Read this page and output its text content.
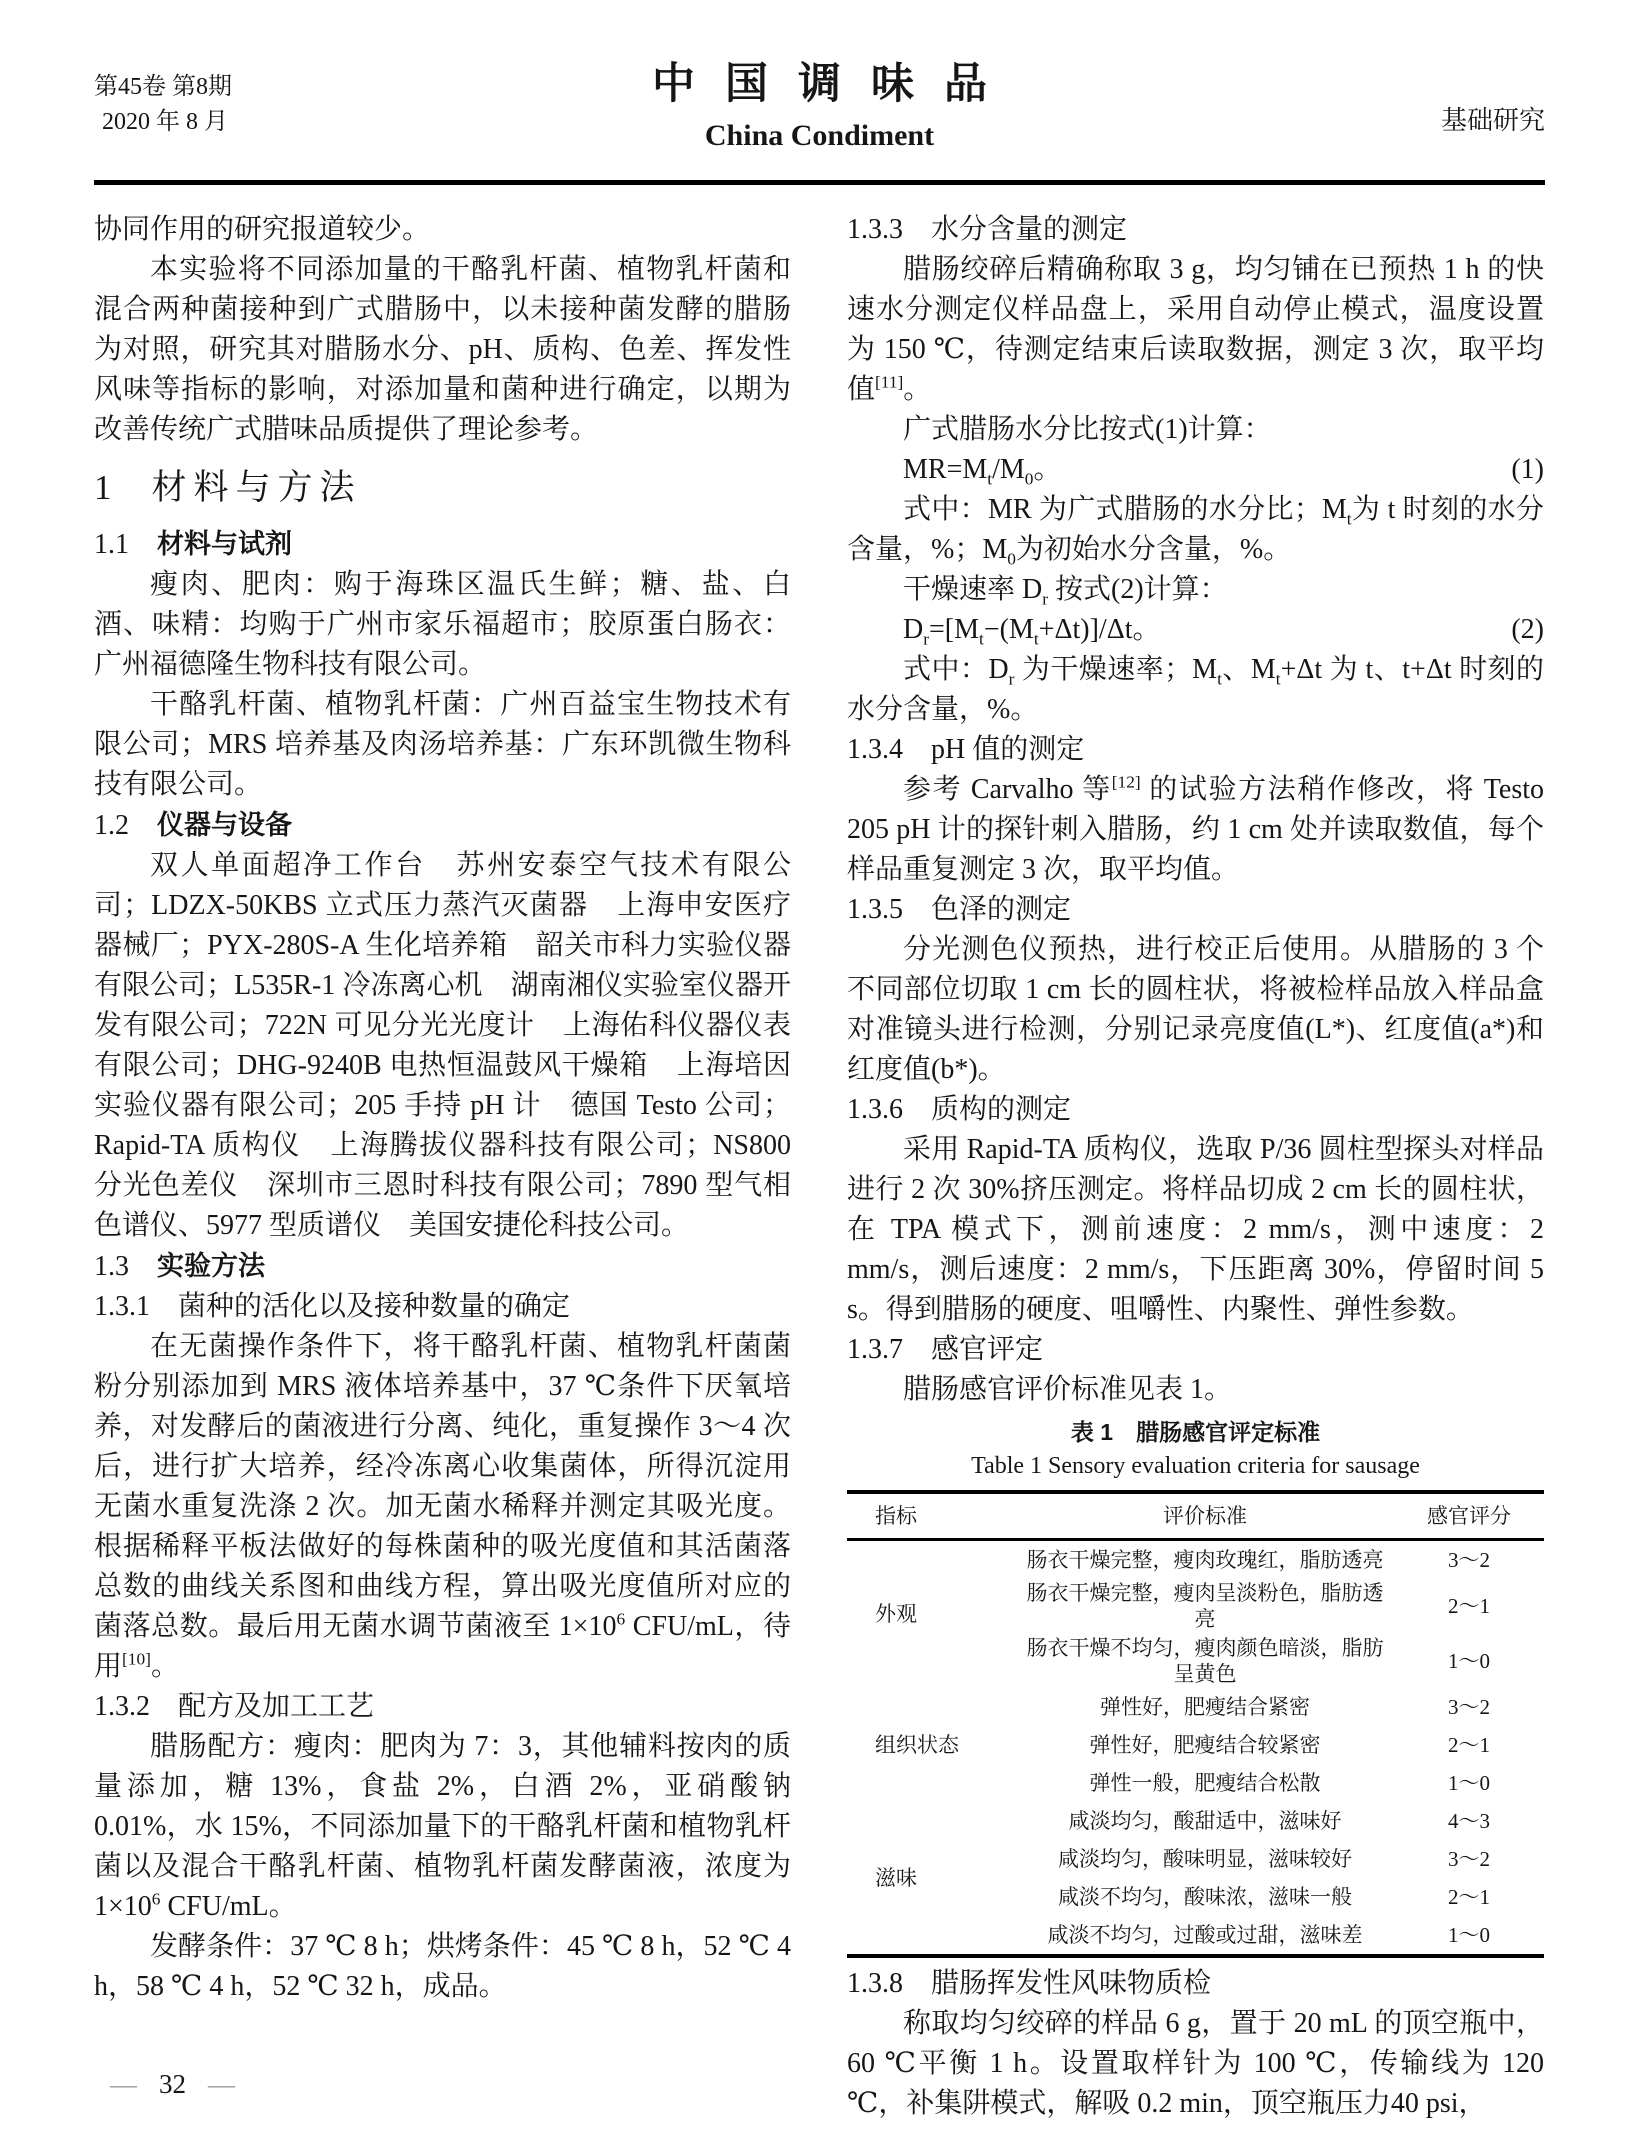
第45卷 第8期
2020 年 8 月
中国调味品
China Condiment	基础研究

协同作用的研究报道较少。

本实验将不同添加量的干酪乳杆菌、植物乳杆菌和混合两种菌接种到广式腊肠中，以未接种菌发酵的腊肠为对照，研究其对腊肠水分、pH、质构、色差、挥发性风味等指标的影响，对添加量和菌种进行确定，以期为改善传统广式腊味品质提供了理论参考。

1 材料与方法
1.1 材料与试剂

瘦肉、肥肉：购于海珠区温氏生鲜；糖、盐、白酒、味精：均购于广州市家乐福超市；胶原蛋白肠衣：广州福德隆生物科技有限公司。

干酪乳杆菌、植物乳杆菌：广州百益宝生物技术有限公司；MRS 培养基及肉汤培养基：广东环凯微生物科技有限公司。

1.2 仪器与设备

双人单面超净工作台　苏州安泰空气技术有限公司；LDZX-50KBS 立式压力蒸汽灭菌器　上海申安医疗器械厂；PYX-280S-A 生化培养箱　韶关市科力实验仪器有限公司；L535R-1 冷冻离心机　湖南湘仪实验室仪器开发有限公司；722N 可见分光光度计　上海佑科仪器仪表有限公司；DHG-9240B 电热恒温鼓风干燥箱　上海培因实验仪器有限公司；205 手持 pH 计　德国 Testo 公司；Rapid-TA 质构仪　上海腾拔仪器科技有限公司；NS800 分光色差仪　深圳市三恩时科技有限公司；7890 型气相色谱仪、5977 型质谱仪　美国安捷伦科技公司。

1.3 实验方法
1.3.1 菌种的活化以及接种数量的确定

在无菌操作条件下，将干酪乳杆菌、植物乳杆菌菌粉分别添加到 MRS 液体培养基中，37 ℃条件下厌氧培养，对发酵后的菌液进行分离、纯化，重复操作 3～4 次后，进行扩大培养，经冷冻离心收集菌体，所得沉淀用无菌水重复洗涤 2 次。加无菌水稀释并测定其吸光度。根据稀释平板法做好的每株菌种的吸光度值和其活菌落总数的曲线关系图和曲线方程，算出吸光度值所对应的菌落总数。最后用无菌水调节菌液至 $1\times 10^6$ CFU/mL，待用[10]。

1.3.2 配方及加工工艺

腊肠配方：瘦肉：肥肉为 7：3，其他辅料按肉的质量添加，糖 13%，食盐 2%，白酒 2%，亚硝酸钠 0.01%，水 15%，不同添加量下的干酪乳杆菌和植物乳杆菌以及混合干酪乳杆菌、植物乳杆菌发酵菌液，浓度为 $1\times 10^6$ CFU/mL。

发酵条件：37 ℃ 8 h；烘烤条件：45 ℃ 8 h，52 ℃ 4 h，58 ℃ 4 h，52 ℃ 32 h，成品。

1.3.3 水分含量的测定

腊肠绞碎后精确称取 3 g，均匀铺在已预热 1 h 的快速水分测定仪样品盘上，采用自动停止模式，温度设置为 150 ℃，待测定结束后读取数据，测定 3 次，取平均值[11]。

广式腊肠水分比按式(1)计算：

$MR=M_t/M_0$。	(1)

式中：MR 为广式腊肠的水分比；$M_t$为 t 时刻的水分含量，%；$M_0$为初始水分含量，%。

干燥速率 $D_r$ 按式(2)计算：

$D_r=[M_t-(M_t+\Delta t)]/\Delta t$。	(2)

式中：$D_r$ 为干燥速率；$M_t$、$M_t+\Delta t$ 为 t、t+Δt 时刻的水分含量，%。

1.3.4 pH 值的测定

参考 Carvalho 等[12] 的试验方法稍作修改，将 Testo 205 pH 计的探针刺入腊肠，约 1 cm 处并读取数值，每个样品重复测定 3 次，取平均值。

1.3.5 色泽的测定

分光测色仪预热，进行校正后使用。从腊肠的 3 个不同部位切取 1 cm 长的圆柱状，将被检样品放入样品盒对准镜头进行检测，分别记录亮度值(L*)、红度值(a*)和红度值(b*)。

1.3.6 质构的测定

采用 Rapid-TA 质构仪，选取 P/36 圆柱型探头对样品进行 2 次 30%挤压测定。将样品切成 2 cm 长的圆柱状，在 TPA 模式下，测前速度：2 mm/s，测中速度：2 mm/s，测后速度：2 mm/s，下压距离 30%，停留时间 5 s。得到腊肠的硬度、咀嚼性、内聚性、弹性参数。

1.3.7 感官评定

腊肠感官评价标准见表 1。

表 1　腊肠感官评定标准
Table 1 Sensory evaluation criteria for sausage
指标	评价标准	感官评分
外观	肠衣干燥完整，瘦肉玫瑰红，脂肪透亮	3～2
	肠衣干燥完整，瘦肉呈淡粉色，脂肪透亮	2～1
	肠衣干燥不均匀，瘦肉颜色暗淡，脂肪呈黄色	1～0
组织状态	弹性好，肥瘦结合紧密	3～2
	弹性好，肥瘦结合较紧密	2～1
	弹性一般，肥瘦结合松散	1～0
滋味	咸淡均匀，酸甜适中，滋味好	4～3
	咸淡均匀，酸味明显，滋味较好	3～2
	咸淡不均匀，酸味浓，滋味一般	2～1
	咸淡不均匀，过酸或过甜，滋味差	1～0
1.3.8 腊肠挥发性风味物质检

称取均匀绞碎的样品 6 g，置于 20 mL 的顶空瓶中，60 ℃平衡 1 h。设置取样针为 100 ℃，传输线为 120 ℃，补集阱模式，解吸 0.2 min，顶空瓶压力40 psi，

— 32 —
